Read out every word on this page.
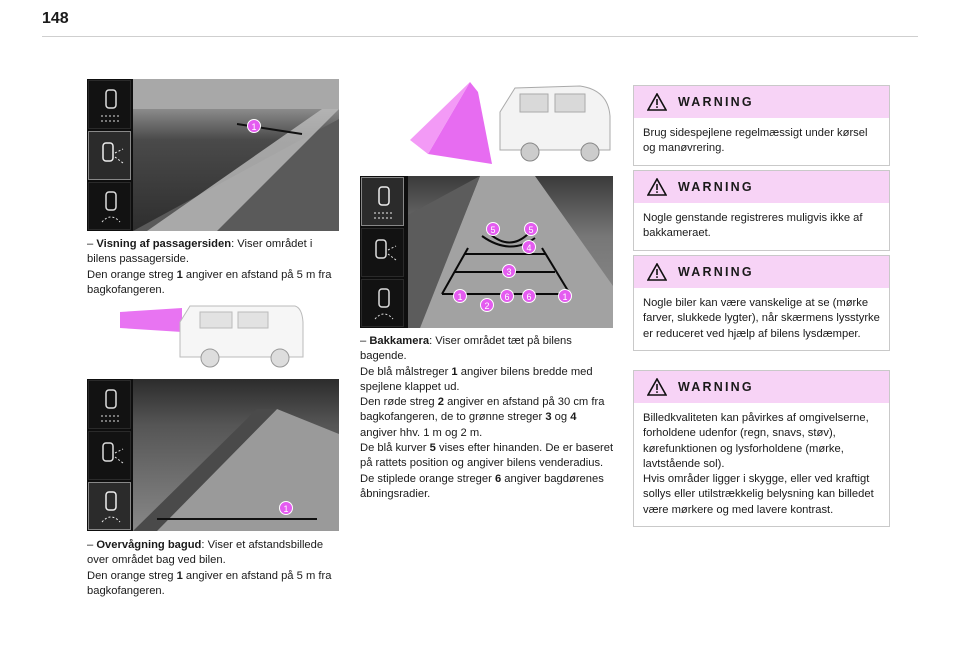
148
1
– Visning af passagersiden: Viser området i bilens passagerside.
Den orange streg 1 angiver en afstand på 5 m fra bagkofangeren.
1
– Overvågning bagud: Viser et afstandsbillede over området bag ved bilen.
Den orange streg 1 angiver en afstand på 5 m fra bagkofangeren.
5	5
4
3
1
2
6	6	1
– Bakkamera: Viser området tæt på bilens bagende.
De blå målstreger 1 angiver bilens bredde med spejlene klappet ud.
Den røde streg 2 angiver en afstand på 30 cm fra bagkofangeren, de to grønne streger 3 og 4 angiver hhv. 1 m og 2 m.
De blå kurver 5 vises efter hinanden. De er baseret på rattets position og angiver bilens venderadius.
De stiplede orange streger 6 angiver bagdørenes åbningsradier.
WARNING
Brug sidespejlene regelmæssigt under kørsel og manøvrering.
WARNING
Nogle genstande registreres muligvis ikke af bakkameraet.
WARNING
Nogle biler kan være vanskelige at se (mørke farver, slukkede lygter), når skærmens lysstyrke er reduceret ved hjælp af bilens lysdæmper.
WARNING
Billedkvaliteten kan påvirkes af omgivelserne, forholdene udenfor (regn, snavs, støv), kørefunktionen og lysforholdene (mørke, lavtstående sol).
Hvis områder ligger i skygge, eller ved kraftigt sollys eller utilstrækkelig belysning kan billedet være mørkere og med lavere kontrast.
